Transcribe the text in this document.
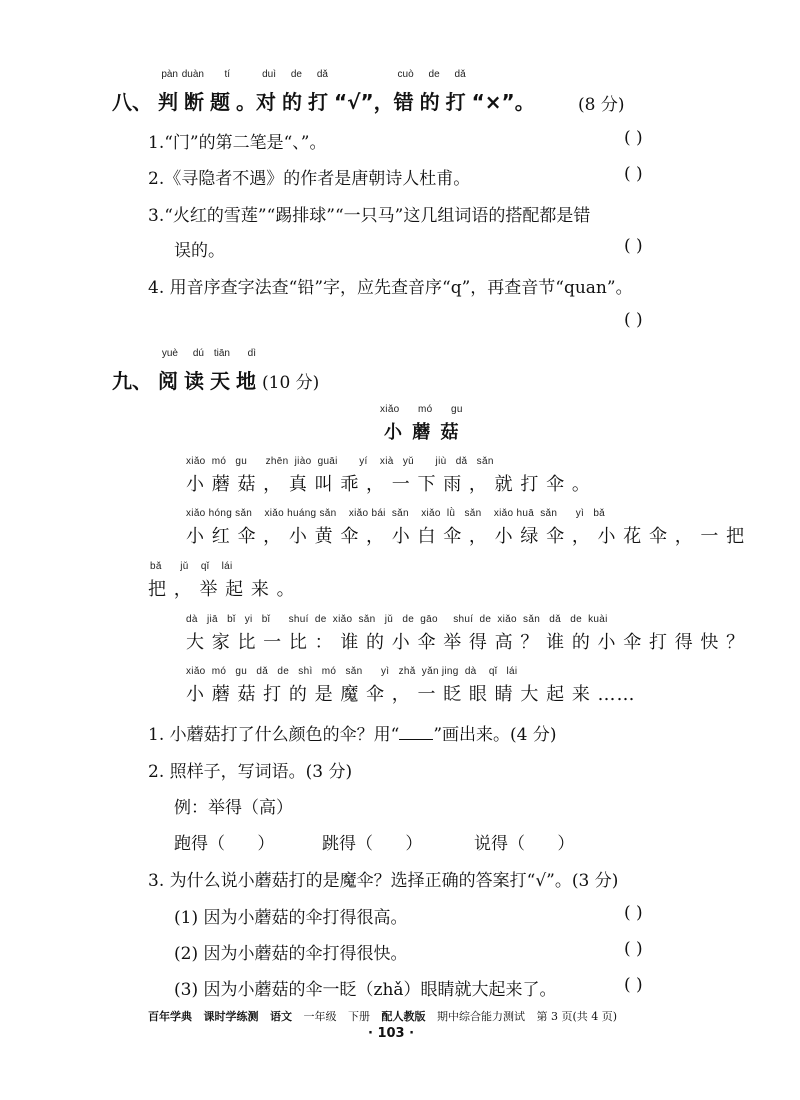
八、 判
pàn
断
duàn
题
tí
。对
duì
的
de
打
dǎ
“√”，错
cuò
的
de
打
dǎ
“×”。	(8 分)
1.“门”的第二笔是“、”。	( )
2.《寻隐者不遇》的作者是唐朝诗人杜甫。	( )
3.“火红的雪莲”“踢排球”“一只马”这几组词语的搭配都是错
误的。	( )
4. 用音序查字法查“铅”字，应先查音序“q”，再查音节“quan”。
( )
九、 阅
yuè
读
dú
天
tiān
地
dì
(10 分)
xiǎo      mó      gu
小 蘑 菇
xiǎo  mó   gu      zhēn  jiào  guāi       yí    xià   yǔ       jiù   dǎ   sǎn
小 蘑 菇 ， 真 叫 乖 ， 一 下 雨 ， 就 打 伞 。
xiǎo hóng sǎn    xiǎo huáng sǎn    xiǎo bái  sǎn    xiǎo  lǜ   sǎn    xiǎo huā  sǎn      yì   bǎ
小 红 伞 ， 小 黄 伞 ， 小 白 伞 ， 小 绿 伞 ， 小 花 伞 ， 一 把
bǎ      jǔ    qǐ    lái
把 ， 举 起 来 。
dà   jiā   bǐ   yi   bǐ      shuí  de  xiǎo  sǎn   jǔ   de  gāo     shuí  de  xiǎo  sǎn   dǎ   de  kuài
大 家 比 一 比 ： 谁 的 小 伞 举 得 高 ？ 谁 的 小 伞 打 得 快 ？
xiǎo  mó   gu   dǎ   de   shì   mó   sǎn      yì   zhǎ  yǎn jing  dà    qǐ   lái
小 蘑 菇 打 的 是 魔 伞 ， 一 眨 眼 睛 大 起 来 ……
1. 小蘑菇打了什么颜色的伞？用“ ”画出来。(4 分)
2. 照样子，写词语。(3 分)
例：举得（高）
跑得（      ）	跳得（      ）	说得（      ）
3. 为什么说小蘑菇打的是魔伞？选择正确的答案打“√”。(3 分)
(1) 因为小蘑菇的伞打得很高。	( )
(2) 因为小蘑菇的伞打得很快。	( )
(3) 因为小蘑菇的伞一眨（zhǎ）眼睛就大起来了。	( )
百年学典 课时学练测 语文 一年级 下册 配人教版 期中综合能力测试 第 3 页(共 4 页)
· 103 ·
